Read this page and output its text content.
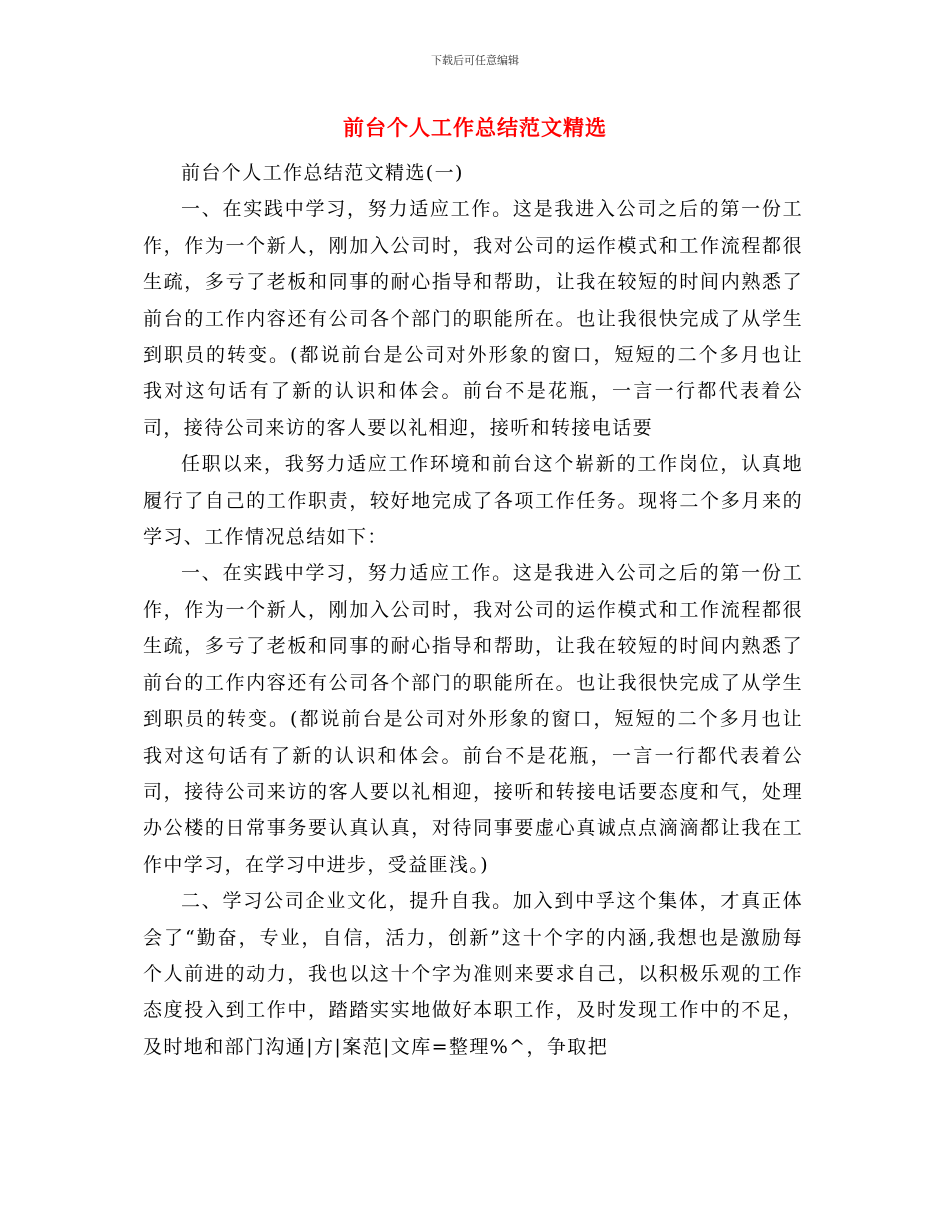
下载后可任意编辑
前台个人工作总结范文精选

前台个人工作总结范文精选(一)

一、在实践中学习，努力适应工作。这是我进入公司之后的第一份工作，作为一个新人，刚加入公司时，我对公司的运作模式和工作流程都很生疏，多亏了老板和同事的耐心指导和帮助，让我在较短的时间内熟悉了前台的工作内容还有公司各个部门的职能所在。也让我很快完成了从学生到职员的转变。(都说前台是公司对外形象的窗口，短短的二个多月也让我对这句话有了新的认识和体会。前台不是花瓶，一言一行都代表着公司，接待公司来访的客人要以礼相迎，接听和转接电话要

任职以来，我努力适应工作环境和前台这个崭新的工作岗位，认真地履行了自己的工作职责，较好地完成了各项工作任务。现将二个多月来的学习、工作情况总结如下：

一、在实践中学习，努力适应工作。这是我进入公司之后的第一份工作，作为一个新人，刚加入公司时，我对公司的运作模式和工作流程都很生疏，多亏了老板和同事的耐心指导和帮助，让我在较短的时间内熟悉了前台的工作内容还有公司各个部门的职能所在。也让我很快完成了从学生到职员的转变。(都说前台是公司对外形象的窗口，短短的二个多月也让我对这句话有了新的认识和体会。前台不是花瓶，一言一行都代表着公司，接待公司来访的客人要以礼相迎，接听和转接电话要态度和气，处理办公楼的日常事务要认真认真，对待同事要虚心真诚点点滴滴都让我在工作中学习，在学习中进步，受益匪浅。)

二、学习公司企业文化，提升自我。加入到中孚这个集体，才真正体会了“勤奋，专业，自信，活力，创新”这十个字的内涵,我想也是激励每个人前进的动力，我也以这十个字为准则来要求自己，以积极乐观的工作态度投入到工作中，踏踏实实地做好本职工作，及时发现工作中的不足，及时地和部门沟通|方|案范|文库=整理%^，争取把
